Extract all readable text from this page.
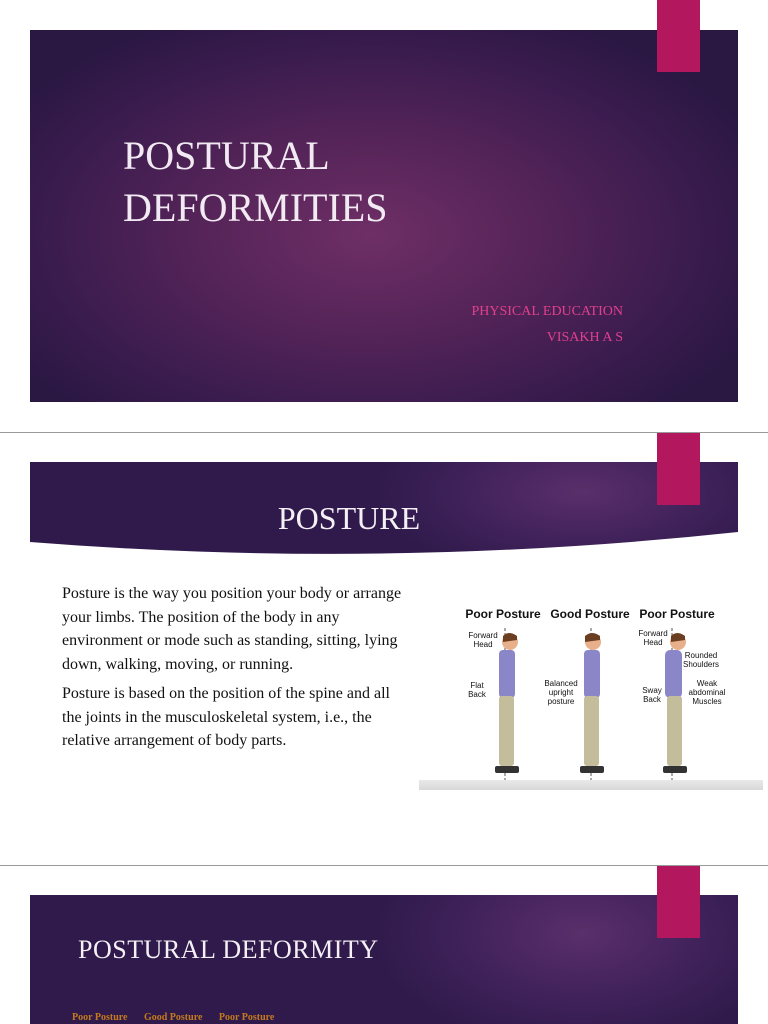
POSTURAL
DEFORMITIES
PHYSICAL EDUCATION
VISAKH A S
POSTURE

Posture is the way you position your body or arrange your limbs. The position of the body in any environment or mode such as standing, sitting, lying down, walking, moving, or running.

Posture is based on the position of the spine and all the joints in the musculoskeletal system, i.e., the relative arrangement of body parts.

Poor Posture Good Posture Poor Posture
Forward
Head
Flat
Back
Balanced
upright
posture
Forward
Head
Rounded
Shoulders
Sway
Back
Weak
abdominal
Muscles
POSTURAL DEFORMITY
Poor Posture Good Posture Poor Posture
